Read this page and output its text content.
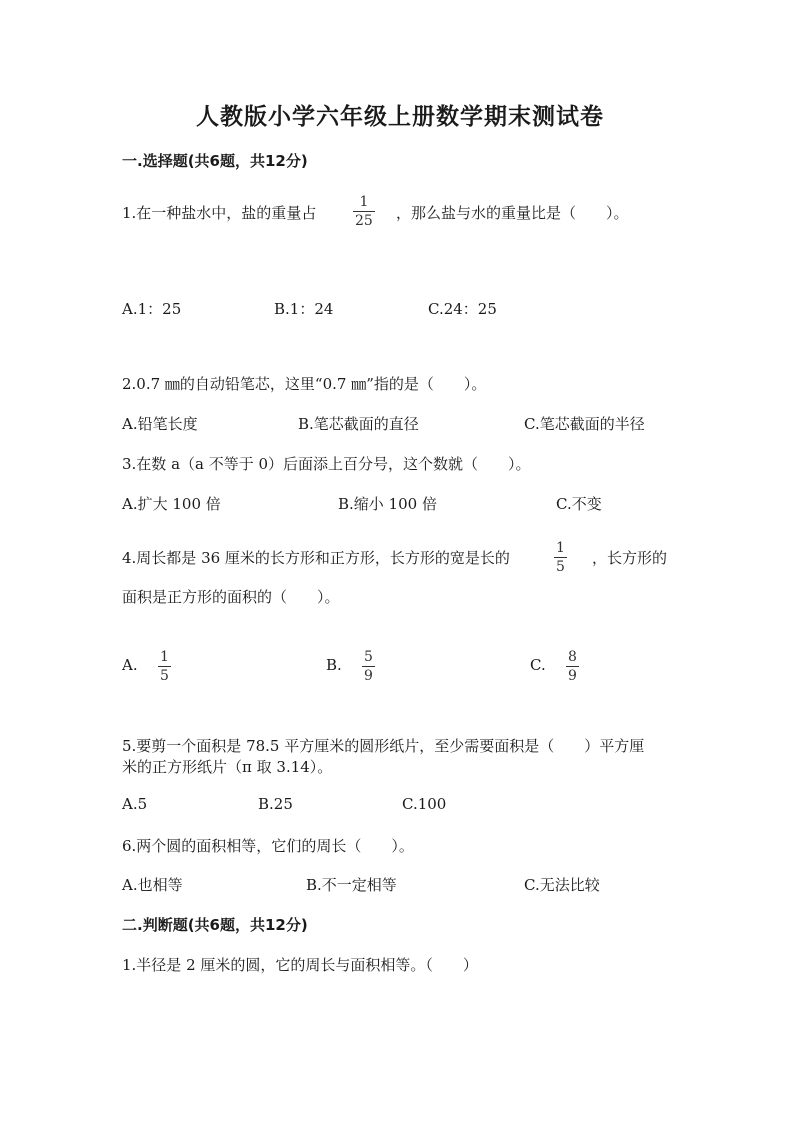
人教版小学六年级上册数学期末测试卷
一.选择题(共6题，共12分)
1.在一种盐水中，盐的重量占
1
25 ，那么盐与水的重量比是（　　）。
A.1：25	B.1：24	C.24：25
2.0.7 ㎜的自动铅笔芯，这里“0.7 ㎜”指的是（　　）。
A.铅笔长度	B.笔芯截面的直径	C.笔芯截面的半径
3.在数 a（a 不等于 0）后面添上百分号，这个数就（　　）。
A.扩大 100 倍	B.缩小 100 倍	C.不变
4.周长都是 36 厘米的长方形和正方形，长方形的宽是长的
1
5 ，长方形的
面积是正方形的面积的（　　）。
A. 1
5
B. 5
9
C. 8
9
5.要剪一个面积是 78.5 平方厘米的圆形纸片，至少需要面积是（　　）平方厘
米的正方形纸片（π 取 3.14）。
A.5	B.25	C.100
6.两个圆的面积相等，它们的周长（　　）。
A.也相等	B.不一定相等	C.无法比较
二.判断题(共6题，共12分)
1.半径是 2 厘米的圆，它的周长与面积相等。（　　）
